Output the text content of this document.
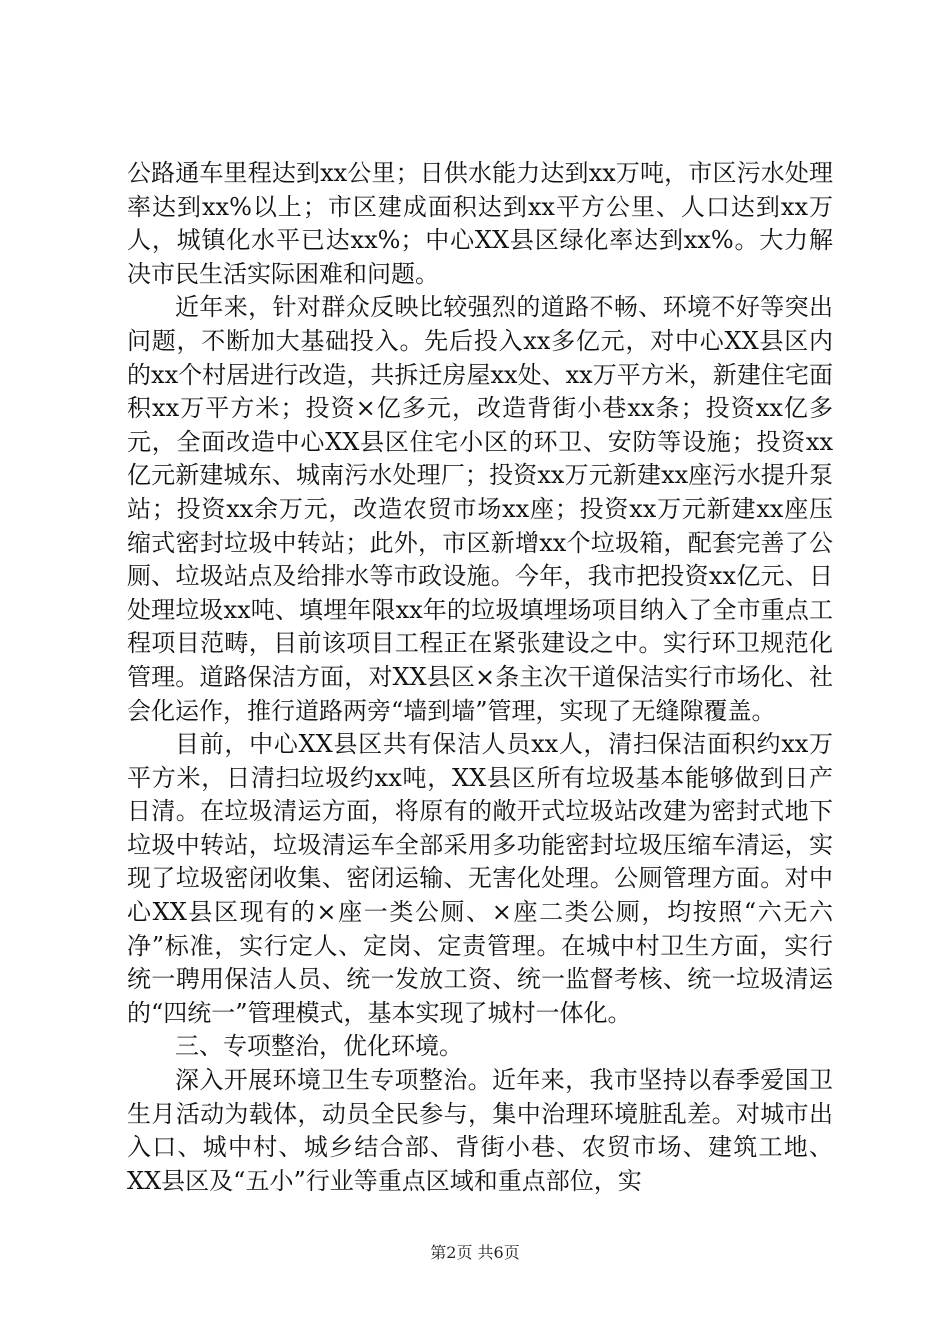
公路通车里程达到xx公里；日供水能力达到xx万吨，市区污水处理率达到xx%以上；市区建成面积达到xx平方公里、人口达到xx万人，城镇化水平已达xx%；中心XX县区绿化率达到xx%。大力解决市民生活实际困难和问题。

近年来，针对群众反映比较强烈的道路不畅、环境不好等突出问题，不断加大基础投入。先后投入xx多亿元，对中心XX县区内的xx个村居进行改造，共拆迁房屋xx处、xx万平方米，新建住宅面积xx万平方米；投资×亿多元，改造背街小巷xx条；投资xx亿多元，全面改造中心XX县区住宅小区的环卫、安防等设施；投资xx亿元新建城东、城南污水处理厂；投资xx万元新建xx座污水提升泵站；投资xx余万元，改造农贸市场xx座；投资xx万元新建xx座压缩式密封垃圾中转站；此外，市区新增xx个垃圾箱，配套完善了公厕、垃圾站点及给排水等市政设施。今年，我市把投资xx亿元、日处理垃圾xx吨、填埋年限xx年的垃圾填埋场项目纳入了全市重点工程项目范畴，目前该项目工程正在紧张建设之中。实行环卫规范化管理。道路保洁方面，对XX县区×条主次干道保洁实行市场化、社会化运作，推行道路两旁“墙到墙”管理，实现了无缝隙覆盖。

目前，中心XX县区共有保洁人员xx人，清扫保洁面积约xx万平方米，日清扫垃圾约xx吨，XX县区所有垃圾基本能够做到日产日清。在垃圾清运方面，将原有的敞开式垃圾站改建为密封式地下垃圾中转站，垃圾清运车全部采用多功能密封垃圾压缩车清运，实现了垃圾密闭收集、密闭运输、无害化处理。公厕管理方面。对中心XX县区现有的×座一类公厕、×座二类公厕，均按照“六无六净”标准，实行定人、定岗、定责管理。在城中村卫生方面，实行统一聘用保洁人员、统一发放工资、统一监督考核、统一垃圾清运的“四统一”管理模式，基本实现了城村一体化。

三、专项整治，优化环境。

深入开展环境卫生专项整治。近年来，我市坚持以春季爱国卫生月活动为载体，动员全民参与，集中治理环境脏乱差。对城市出入口、城中村、城乡结合部、背街小巷、农贸市场、建筑工地、XX县区及“五小”行业等重点区域和重点部位，实

第2页 共6页
